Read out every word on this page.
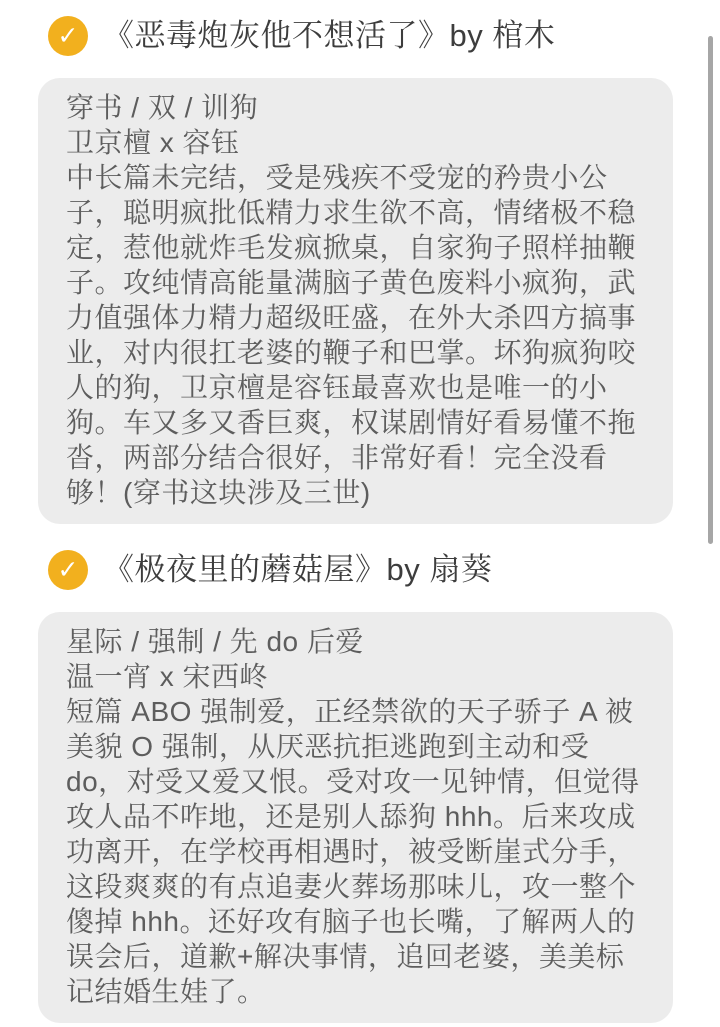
✓ 《恶毒炮灰他不想活了》by 棺木

穿书 / 双 / 训狗

卫京檀 x 容钰

中长篇未完结，受是残疾不受宠的矜贵小公子，聪明疯批低精力求生欲不高，情绪极不稳定，惹他就炸毛发疯掀桌，自家狗子照样抽鞭子。攻纯情高能量满脑子黄色废料小疯狗，武力值强体力精力超级旺盛，在外大杀四方搞事业，对内很扛老婆的鞭子和巴掌。坏狗疯狗咬人的狗，卫京檀是容钰最喜欢也是唯一的小狗。车又多又香巨爽，权谋剧情好看易懂不拖沓，两部分结合很好，非常好看！完全没看够！(穿书这块涉及三世)

✓ 《极夜里的蘑菇屋》by 扇葵

星际 / 强制 / 先 do 后爱

温一宵 x 宋西峂

短篇 ABO 强制爱，正经禁欲的天子骄子 A 被美貌 O 强制，从厌恶抗拒逃跑到主动和受 do，对受又爱又恨。受对攻一见钟情，但觉得攻人品不咋地，还是别人舔狗 hhh。后来攻成功离开，在学校再相遇时，被受断崖式分手，这段爽爽的有点追妻火葬场那味儿，攻一整个傻掉 hhh。还好攻有脑子也长嘴，了解两人的误会后，道歉+解决事情，追回老婆，美美标记结婚生娃了。
